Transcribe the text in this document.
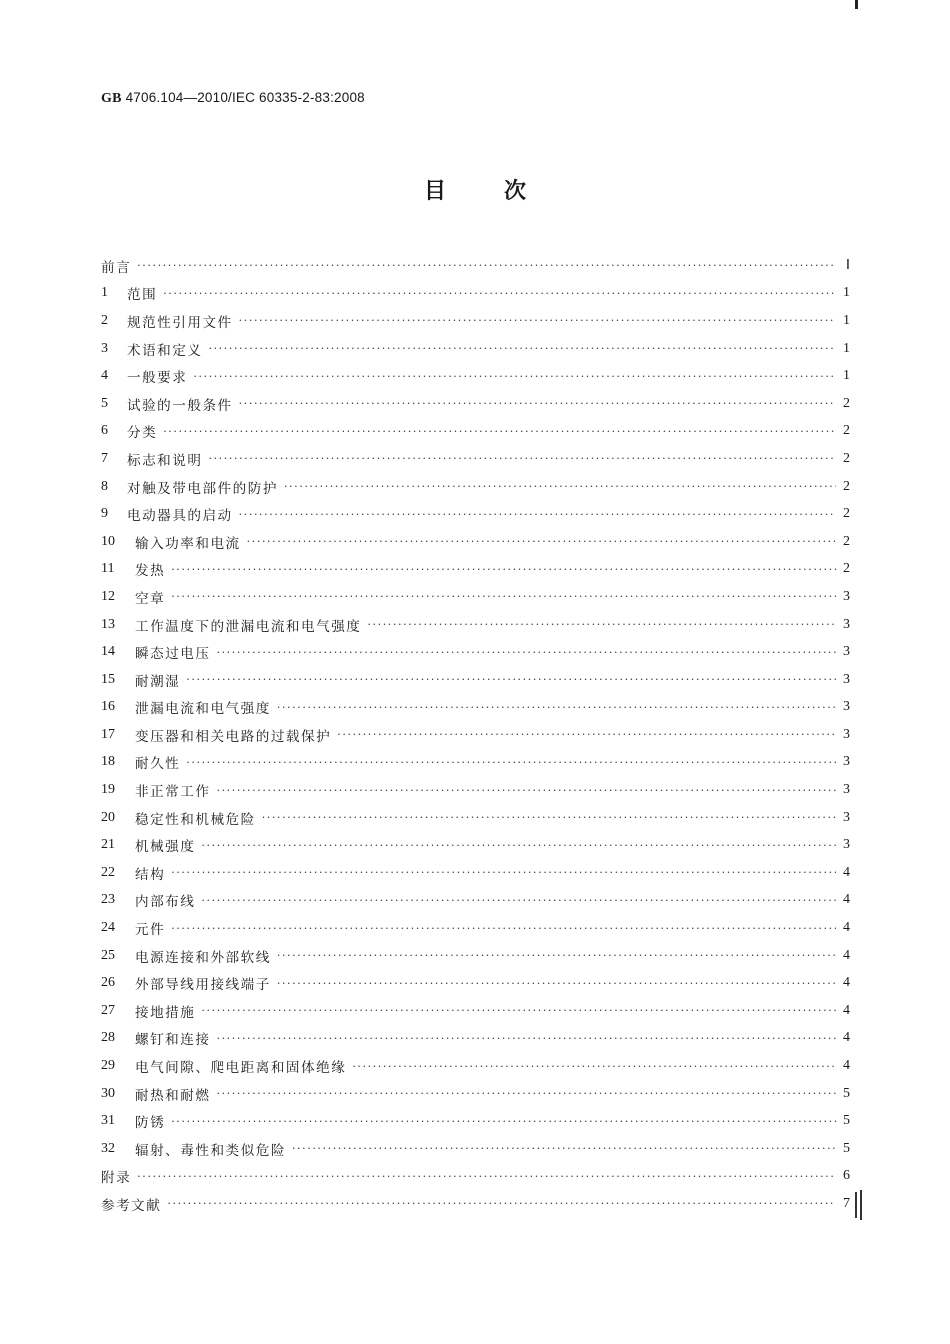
GB 4706.104—2010/IEC 60335-2-83:2008
目次
前言 ·····	Ⅰ
1	范围 ·····	1
2	规范性引用文件 ·····	1
3	术语和定义 ·····	1
4	一般要求 ·····	1
5	试验的一般条件 ·····	2
6	分类 ·····	2
7	标志和说明 ·····	2
8	对触及带电部件的防护 ·····	2
9	电动器具的启动 ·····	2
10	输入功率和电流 ·····	2
11	发热 ·····	2
12	空章 ·····	3
13	工作温度下的泄漏电流和电气强度 ·····	3
14	瞬态过电压 ·····	3
15	耐潮湿 ·····	3
16	泄漏电流和电气强度 ·····	3
17	变压器和相关电路的过载保护 ·····	3
18	耐久性 ·····	3
19	非正常工作 ·····	3
20	稳定性和机械危险 ·····	3
21	机械强度 ·····	3
22	结构 ·····	4
23	内部布线 ·····	4
24	元件 ·····	4
25	电源连接和外部软线 ·····	4
26	外部导线用接线端子 ·····	4
27	接地措施 ·····	4
28	螺钉和连接 ·····	4
29	电气间隙、爬电距离和固体绝缘 ·····	4
30	耐热和耐燃 ·····	5
31	防锈 ·····	5
32	辐射、毒性和类似危险 ·····	5
附录 ·····	6
参考文献 ·····	7
